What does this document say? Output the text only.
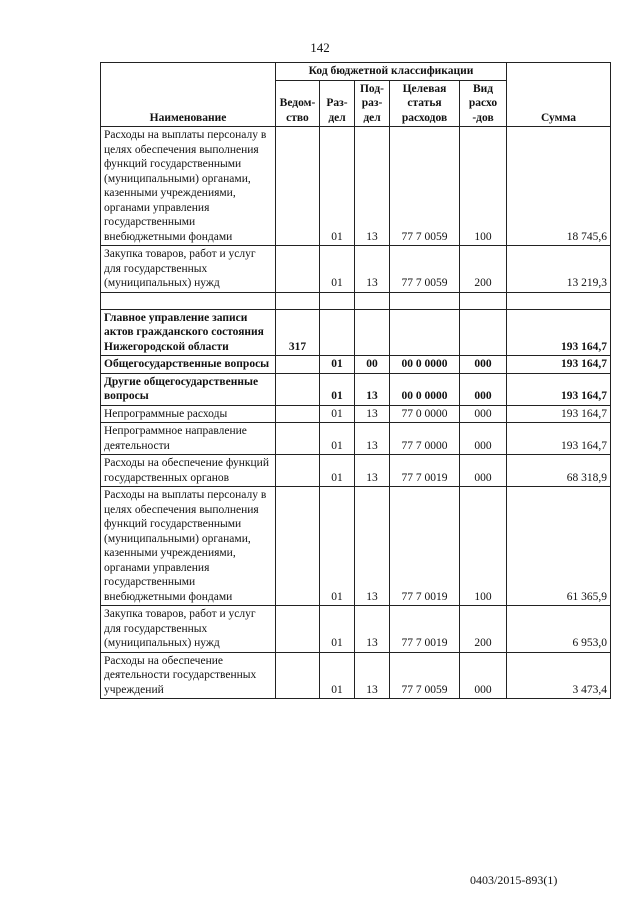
142
Наименование	Код бюджетной классификации					Сумма
	Ведом-ство	Раз-дел	Под-раз-дел	Целевая статья расходов	Вид расхо -дов	
Расходы на выплаты персоналу в целях обеспечения выполнения функций государственными (муниципальными) органами, казенными учреждениями, органами управления государственными внебюджетными фондами		01	13	77 7 0059	100	18 745,6
Закупка товаров, работ и услуг для государственных (муниципальных) нужд		01	13	77 7 0059	200	13 219,3

Главное управление записи актов гражданского состояния Нижегородской области	317					193 164,7
Общегосударственные вопросы		01	00	00 0 0000	000	193 164,7
Другие общегосударственные вопросы		01	13	00 0 0000	000	193 164,7
Непрограммные расходы		01	13	77 0 0000	000	193 164,7
Непрограммное направление деятельности		01	13	77 7 0000	000	193 164,7
Расходы на обеспечение функций государственных органов		01	13	77 7 0019	000	68 318,9
Расходы на выплаты персоналу в целях обеспечения выполнения функций государственными (муниципальными) органами, казенными учреждениями, органами управления государственными внебюджетными фондами		01	13	77 7 0019	100	61 365,9
Закупка товаров, работ и услуг для государственных (муниципальных) нужд		01	13	77 7 0019	200	6 953,0
Расходы на обеспечение деятельности государственных учреждений		01	13	77 7 0059	000	3 473,4
0403/2015-893(1)
